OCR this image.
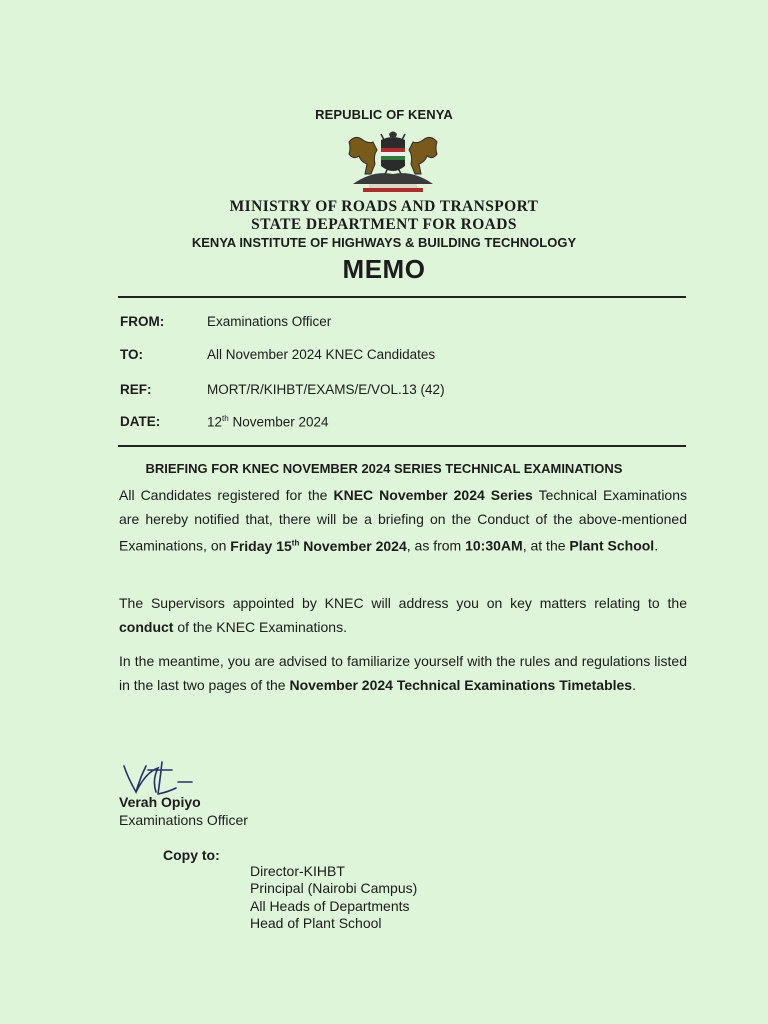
REPUBLIC OF KENYA
MINISTRY OF ROADS AND TRANSPORT
STATE DEPARTMENT FOR ROADS
KENYA INSTITUTE OF HIGHWAYS & BUILDING TECHNOLOGY
MEMO
FROM:	Examinations Officer
TO:	All November 2024 KNEC Candidates
REF:	MORT/R/KIHBT/EXAMS/E/VOL.13 (42)
DATE:	12th November 2024
BRIEFING FOR KNEC NOVEMBER 2024 SERIES TECHNICAL EXAMINATIONS
All Candidates registered for the KNEC November 2024 Series Technical Examinations are hereby notified that, there will be a briefing on the Conduct of the above-mentioned Examinations, on Friday 15th November 2024, as from 10:30AM, at the Plant School.
The Supervisors appointed by KNEC will address you on key matters relating to the conduct of the KNEC Examinations.
In the meantime, you are advised to familiarize yourself with the rules and regulations listed in the last two pages of the November 2024 Technical Examinations Timetables.
Verah Opiyo
Examinations Officer
Copy to:
Director-KIHBT
Principal (Nairobi Campus)
All Heads of Departments
Head of Plant School
